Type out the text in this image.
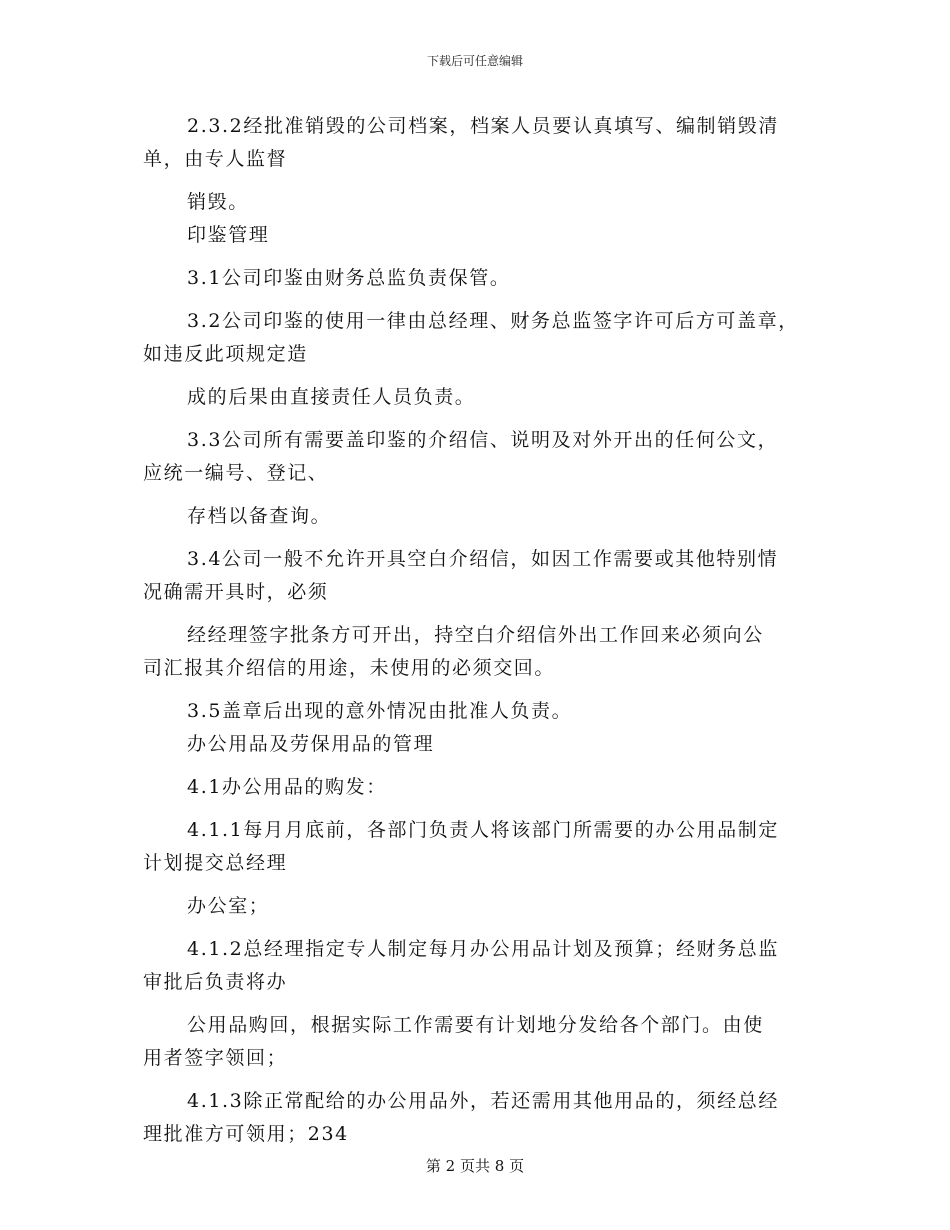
下载后可任意编辑
2.3.2经批准销毁的公司档案，档案人员要认真填写、编制销毁清
单，由专人监督
销毁。
印鉴管理
3.1公司印鉴由财务总监负责保管。
3.2公司印鉴的使用一律由总经理、财务总监签字许可后方可盖章，
如违反此项规定造
成的后果由直接责任人员负责。
3.3公司所有需要盖印鉴的介绍信、说明及对外开出的任何公文，
应统一编号、登记、
存档以备查询。
3.4公司一般不允许开具空白介绍信，如因工作需要或其他特别情
况确需开具时，必须
经经理签字批条方可开出，持空白介绍信外出工作回来必须向公
司汇报其介绍信的用途，未使用的必须交回。
3.5盖章后出现的意外情况由批准人负责。
办公用品及劳保用品的管理
4.1办公用品的购发：
4.1.1每月月底前，各部门负责人将该部门所需要的办公用品制定
计划提交总经理
办公室；
4.1.2总经理指定专人制定每月办公用品计划及预算；经财务总监
审批后负责将办
公用品购回，根据实际工作需要有计划地分发给各个部门。由使
用者签字领回；
4.1.3除正常配给的办公用品外，若还需用其他用品的，须经总经
理批准方可领用；234
第 2 页共 8 页
